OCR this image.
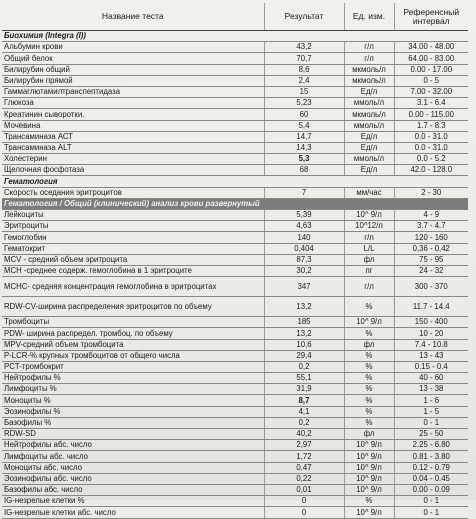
Название теста	Результат	Ед. изм.	Референсный интервал
Биохимия (Integra (I))			
Альбумин крови	43,2	г/л	34.00 - 48.00
Общий белок	70,7	г/л	64.00 - 83.00
Билирубин общий	8,6	мкмоль/л	0.00 - 17.00
Билирубин прямой	2,4	мкмоль/л	0 - 5
Гаммаглютамилтранспептидаза	15	Ед/л	7.00 - 32.00
Глюкоза	5,23	ммоль/л	3.1 - 6.4
Креатинин сыворотки.	60	мкмоль/л	0.00 - 115.00
Мочевина	5,4	ммоль/л	1.7 - 8.3
Трансаминаза АСТ	14,7	Ед/л	0.0 - 31.0
Трансаминаза ALT	14,3	Ед/л	0.0 - 31.0
Холестерин	5,3	ммоль/л	0.0 - 5.2
Щелочная фосфотаза	68	Ед/л	42.0 - 128.0
Гематология			
Скорость оседания эритроцитов	7	мм/час	2 - 30
Гематология / Общий (клинический) анализ крови развернутый			
Лейкоциты	5,39	10^ 9/л	4 - 9
Эритроциты	4,63	10^12/л	3.7 - 4.7
Гемоглобин	140	г/л	120 - 160
Гематокрит	0,404	L/L	0,36 - 0,42
MCV - средний объем эритроцита	87,3	фл	75 - 95
MCH -среднее содерж. гемоглобина в 1 эритроците	30,2	пг	24 - 32
MCHC- средняя концентрация гемоглобина в эритроцитах	347	г/л	300 - 370
RDW-CV-ширина распределения эритроцитов по объему	13,2	%	11.7 - 14.4
Тромбоциты	185	10^ 9/л	150 - 400
PDW- ширина распредел. тромбоц. по объему	13,2	%	10 - 20
MPV-средний объем тромбоцита	10,6	фл	7.4 - 10.8
P-LCR-% крупных тромбоцитов от общего числа	29,4	%	13 - 43
PCT-тромбокрит	0,2	%	0.15 - 0.4
Нейтрофилы %	55,1	%	40 - 60
Лимфоциты %	31,9	%	13 - 38
Моноциты %	8,7	%	1 - 6
Эозинофилы %	4,1	%	1 - 5
Базофилы %	0,2	%	0 - 1
RDW-SD	40,2	фл	25 - 50
Нейтрофилы абс. число	2,97	10^ 9/л	2.25 - 6.80
Лимфоциты абс. число	1,72	10^ 9/л	0.81 - 3.80
Моноциты абс. число	0,47	10^ 9/л	0.12 - 0.79
Эозинофилы абс. число	0,22	10^ 9/л	0.04 - 0.45
Базофилы абс. число	0,01	10^ 9/л	0.00 - 0.09
IG-незрелые клетки %	0	%	0 - 1
IG-незрелые клетки абс. число	0	10^ 9/л	0 - 1
